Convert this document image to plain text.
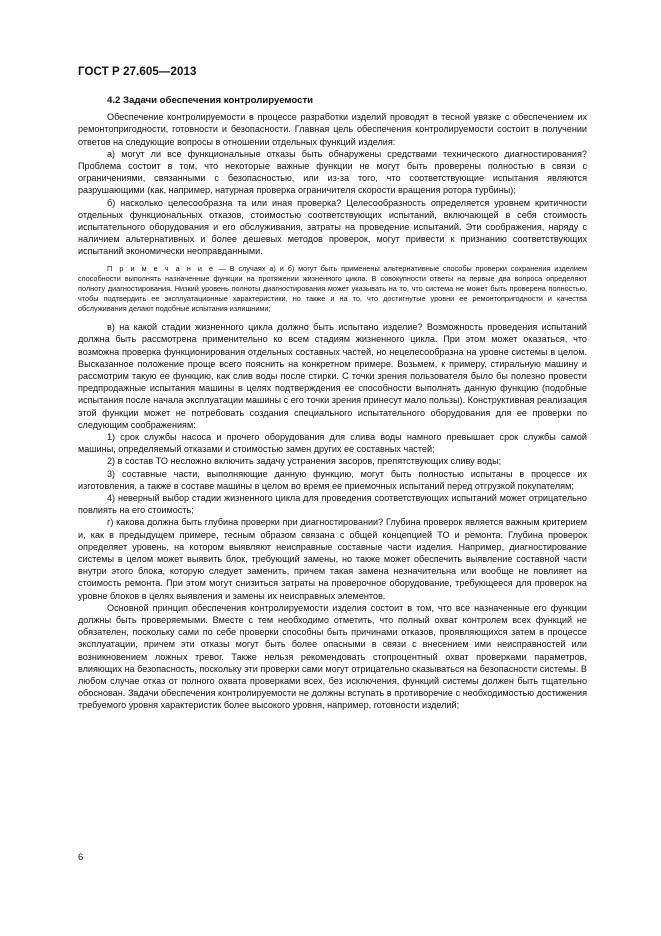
ГОСТ Р 27.605—2013
4.2 Задачи обеспечения контролируемости

Обеспечение контролируемости в процессе разработки изделий проводят в тесной увязке с обеспечением их ремонтопригодности, готовности и безопасности. Главная цель обеспечения контролируемости состоит в получении ответов на следующие вопросы в отношении отдельных функций изделия:

а) могут ли все функциональные отказы быть обнаружены средствами технического диагностирования? Проблема состоит в том, что некоторые важные функции не могут быть проверены полностью в связи с ограничениями, связанными с безопасностью, или из-за того, что соответствующие испытания являются разрушающими (как, например, натурная проверка ограничителя скорости вращения ротора турбины);

б) насколько целесообразна та или иная проверка? Целесообразность определяется уровнем критичности отдельных функциональных отказов, стоимостью соответствующих испытаний, включающей в себя стоимость испытательного оборудования и его обслуживания, затраты на проведение испытаний. Эти соображения, наряду с наличием альтернативных и более дешевых методов проверок, могут привести к признанию соответствующих испытаний экономически неоправданными.

П р и м е ч а н и е — В случаях а) и б) могут быть применены альтернативные способы проверки сохранения изделием способности выполнять назначенные функции на протяжении жизненного цикла. В совокупности ответы на первые два вопроса определяют полноту диагностирования. Низкий уровень полноты диагностирования может указывать на то, что система не может быть проверена полностью, чтобы подтвердить ее эксплуатационные характеристики, но также и на то, что достигнутые уровни ее ремонтопригодности и качества обслуживания делают подобные испытания излишними;

в) на какой стадии жизненного цикла должно быть испытано изделие? Возможность проведения испытаний должна быть рассмотрена применительно ко всем стадиям жизненного цикла. При этом может оказаться, что возможна проверка функционирования отдельных составных частей, но нецелесообразна на уровне системы в целом. Высказанное положение проще всего пояснить на конкретном примере. Возьмем, к примеру, стиральную машину и рассмотрим такую ее функцию, как слив воды после стирки. С точки зрения пользователя было бы полезно провести предпродажные испытания машины в целях подтверждения ее способности выполнять данную функцию (подобные испытания после начала эксплуатации машины с его точки зрения принесут мало пользы). Конструктивная реализация этой функции может не потребовать создания специального испытательного оборудования для ее проверки по следующим соображениям:

1) срок службы насоса и прочего оборудования для слива воды намного превышает срок службы самой машины, определяемый отказами и стоимостью замен других ее составных частей;

2) в состав ТО несложно включить задачу устранения засоров, препятствующих сливу воды;

3) составные части, выполняющие данную функцию, могут быть полностью испытаны в процессе их изготовления, а также в составе машины в целом во время ее приемочных испытаний перед отгрузкой покупателям;

4) неверный выбор стадии жизненного цикла для проведения соответствующих испытаний может отрицательно повлиять на его стоимость;

г) какова должна быть глубина проверки при диагностировании? Глубина проверок является важным критерием и, как в предыдущем примере, тесным образом связана с общей концепцией ТО и ремонта. Глубина проверок определяет уровень, на котором выявляют неисправные составные части изделия. Например, диагностирование системы в целом может выявить блок, требующий замены, но также может обеспечить выявление составной части внутри этого блока, которую следует заменить, причем такая замена незначительна или вообще не повлияет на стоимость ремонта. При этом могут снизиться затраты на проверочное оборудование, требующееся для проверок на уровне блоков в целях выявления и замены их неисправных элементов.

Основной принцип обеспечения контролируемости изделия состоит в том, что все назначенные его функции должны быть проверяемыми. Вместе с тем необходимо отметить, что полный охват контролем всех функций не обязателен, поскольку сами по себе проверки способны быть причинами отказов, проявляющихся затем в процессе эксплуатации, причем эти отказы могут быть более опасными в связи с внесением ими неисправностей или возникновением ложных тревог. Также нельзя рекомендовать стопроцентный охват проверками параметров, влияющих на безопасность, поскольку эти проверки сами могут отрицательно сказываться на безопасности системы. В любом случае отказ от полного охвата проверками всех, без исключения, функций системы должен быть тщательно обоснован. Задачи обеспечения контролируемости не должны вступать в противоречие с необходимостью достижения требуемого уровня характеристик более высокого уровня, например, готовности изделий;

6
